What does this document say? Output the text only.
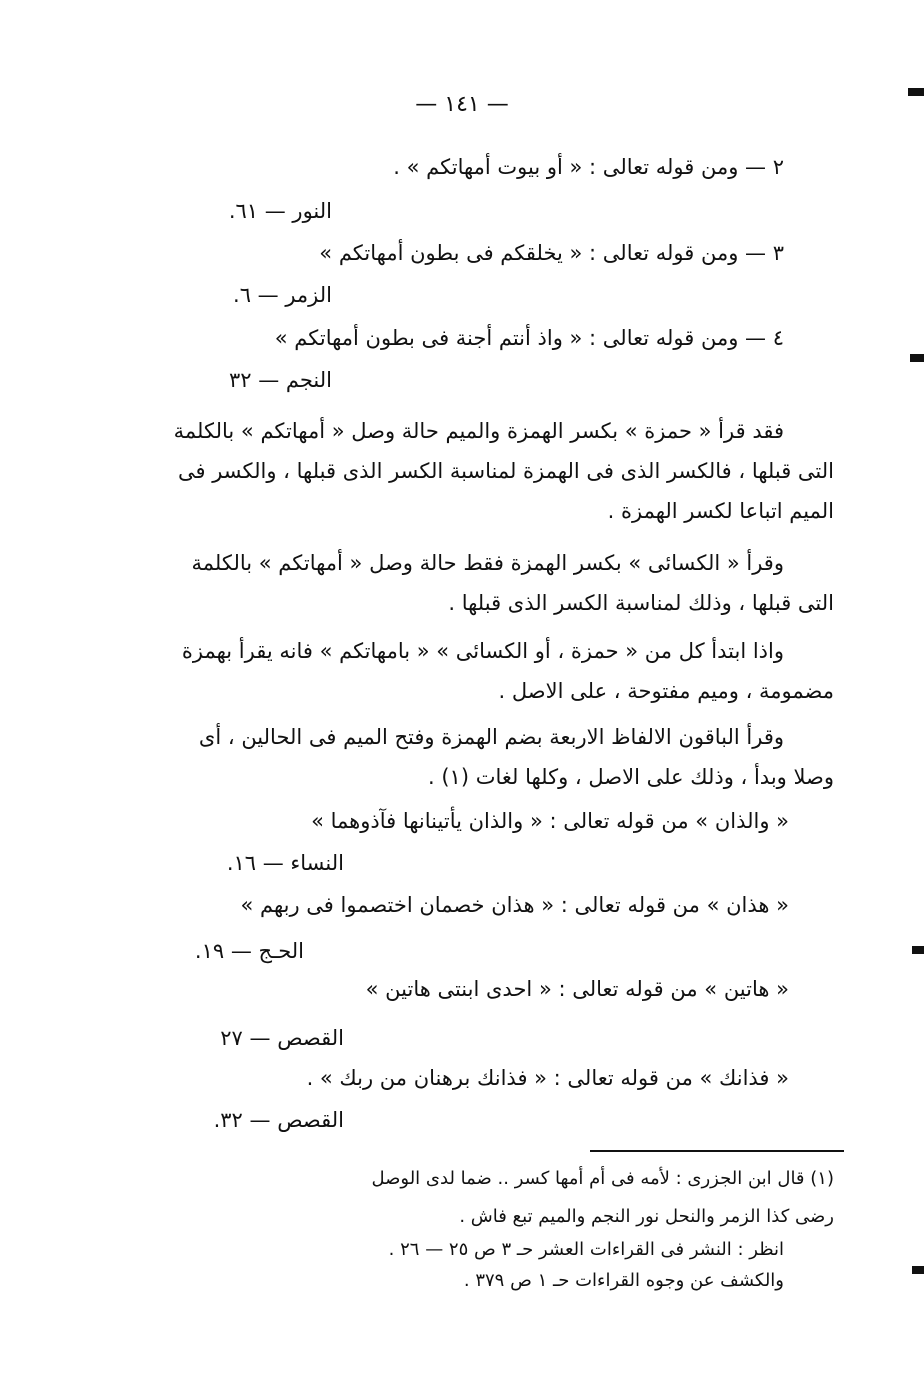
— ١٤١ —
٢ — ومن قوله تعالى : « أو بيوت أمهاتكم » .
النور — ٦١.
٣ — ومن قوله تعالى : « يخلقكم فى بطون أمهاتكم »
الزمر — ٦.
٤ — ومن قوله تعالى : « واذ أنتم أجنة فى بطون أمهاتكم »
النجم — ٣٢
فقد قرأ « حمزة » بكسر الهمزة والميم حالة وصل « أمهاتكم » بالكلمة
التى قبلها ، فالكسر الذى فى الهمزة لمناسبة الكسر الذى قبلها ، والكسر فى
الميم اتباعا لكسر الهمزة .
وقرأ « الكسائى » بكسر الهمزة فقط حالة وصل « أمهاتكم » بالكلمة
التى قبلها ، وذلك لمناسبة الكسر الذى قبلها .
واذا ابتدأ كل من « حمزة ، أو الكسائى » « بامهاتكم » فانه يقرأ بهمزة
مضمومة ، وميم مفتوحة ، على الاصل .
وقرأ الباقون الالفاظ الاربعة بضم الهمزة وفتح الميم فى الحالين ، أى
وصلا وبدأ ، وذلك على الاصل ، وكلها لغات (١) .
« والذان » من قوله تعالى : « والذان يأتينانها فآذوهما »
النساء — ١٦.
« هذان » من قوله تعالى : « هذان خصمان اختصموا فى ربهم »
الحـج — ١٩.
« هاتين » من قوله تعالى : « احدى ابنتى هاتين »
القصص — ٢٧
« فذانك » من قوله تعالى : « فذانك برهنان من ربك » .
القصص — ٣٢.
(١) قال ابن الجزرى : لأمه فى أم أمها كسر .. ضما لدى الوصل
رضى كذا الزمر والنحل نور النجم والميم تبع فاش .
انظر : النشر فى القراءات العشر حـ ٣ ص ٢٥ — ٢٦ .
والكشف عن وجوه القراءات حـ ١ ص ٣٧٩ .
